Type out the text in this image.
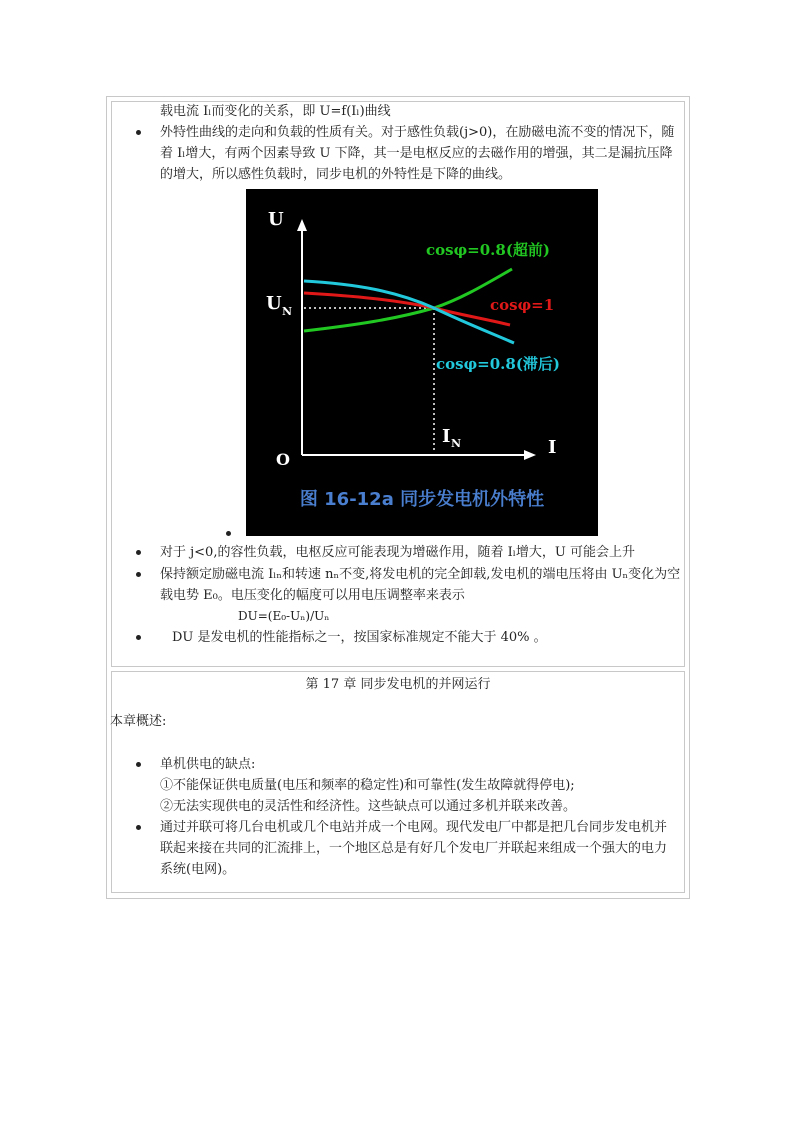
载电流 Iₗ而变化的关系，即 U=f(Iₗ)曲线
外特性曲线的走向和负载的性质有关。对于感性负载(j>0)，在励磁电流不变的情况下，随
着 Iₗ增大，有两个因素导致 U 下降，其一是电枢反应的去磁作用的增强，其二是漏抗压降
的增大，所以感性负载时，同步电机的外特性是下降的曲线。
U
I
O
U N
I N
cosφ=0.8(超前)
cosφ=1
cosφ=0.8(滞后)
图 16-12a 同步发电机外特性
对于 j<0,的容性负载，电枢反应可能表现为增磁作用，随着 Iₗ增大，U 可能会上升
保持额定励磁电流 Iₗₙ和转速 nₙ不变,将发电机的完全卸载,发电机的端电压将由 Uₙ变化为空
载电势 E₀。电压变化的幅度可以用电压调整率来表示
DU=(E₀-Uₙ)/Uₙ
DU 是发电机的性能指标之一，按国家标准规定不能大于 40% 。
第 17 章 同步发电机的并网运行
本章概述:
单机供电的缺点:
①不能保证供电质量(电压和频率的稳定性)和可靠性(发生故障就得停电);
②无法实现供电的灵活性和经济性。这些缺点可以通过多机并联来改善。
通过并联可将几台电机或几个电站并成一个电网。现代发电厂中都是把几台同步发电机并
联起来接在共同的汇流排上，一个地区总是有好几个发电厂并联起来组成一个强大的电力
系统(电网)。
